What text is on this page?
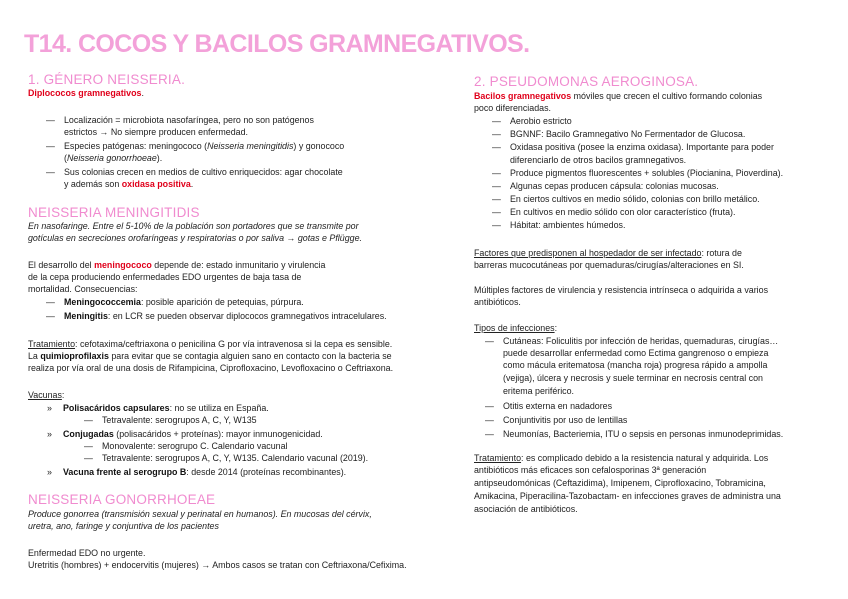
T14. COCOS Y BACILOS GRAMNEGATIVOS.
1. GÉNERO NEISSERIA.
Diplococos gramnegativos.
— Localización = microbiota nasofaríngea, pero no son patógenos
estrictos → No siempre producen enfermedad.
— Especies patógenas: meningococo (Neisseria meningitidis) y gonococo
(Neisseria gonorrhoeae).
— Sus colonias crecen en medios de cultivo enriquecidos: agar chocolate
y además son oxidasa positiva.
NEISSERIA MENINGITIDIS
En nasofaringe. Entre el 5-10% de la población son portadores que se transmite por
gotículas en secreciones orofaríngeas y respiratorias o por saliva → gotas e Pflügge.
El desarrollo del meningococo depende de: estado inmunitario y virulencia
de la cepa produciendo enfermedades EDO urgentes de baja tasa de
mortalidad. Consecuencias:
— Meningococcemia: posible aparición de petequias, púrpura.
— Meningitis: en LCR se pueden observar diplococos gramnegativos intracelulares.
Tratamiento: cefotaxima/ceftriaxona o penicilina G por vía intravenosa si la cepa es sensible.
La quimioprofilaxis para evitar que se contagia alguien sano en contacto con la bacteria se
realiza por vía oral de una dosis de Rifampicina, Ciprofloxacino, Levofloxacino o Ceftriaxona.
Vacunas:
» Polisacáridos capsulares: no se utiliza en España.
— Tetravalente: serogrupos A, C, Y, W135
» Conjugadas (polisacáridos + proteínas): mayor inmunogenicidad.
— Monovalente: serogrupo C. Calendario vacunal
— Tetravalente: serogrupos A, C, Y, W135. Calendario vacunal (2019).
» Vacuna frente al serogrupo B: desde 2014 (proteínas recombinantes).
NEISSERIA GONORRHOEAE
Produce gonorrea (transmisión sexual y perinatal en humanos). En mucosas del cérvix,
uretra, ano, faringe y conjuntiva de los pacientes
Enfermedad EDO no urgente.
Uretritis (hombres) + endocervitis (mujeres) → Ambos casos se tratan con Ceftriaxona/Cefixima.
2. PSEUDOMONAS AEROGINOSA.
Bacilos gramnegativos móviles que crecen el cultivo formando colonias
poco diferenciadas.
— Aerobio estricto
— BGNNF: Bacilo Gramnegativo No Fermentador de Glucosa.
— Oxidasa positiva (posee la enzima oxidasa). Importante para poder
diferenciarlo de otros bacilos gramnegativos.
— Produce pigmentos fluorescentes + solubles (Piocianina, Pioverdina).
— Algunas cepas producen cápsula: colonias mucosas.
— En ciertos cultivos en medio sólido, colonias con brillo metálico.
— En cultivos en medio sólido con olor característico (fruta).
— Hábitat: ambientes húmedos.
Factores que predisponen al hospedador de ser infectado: rotura de
barreras mucocutáneas por quemaduras/cirugías/alteraciones en SI.
Múltiples factores de virulencia y resistencia intrínseca o adquirida a varios
antibióticos.
Tipos de infecciones:
— Cutáneas: Foliculitis por infección de heridas, quemaduras, cirugías…
puede desarrollar enfermedad como Ectima gangrenoso o empieza
como mácula eritematosa (mancha roja) progresa rápido a ampolla
(vejiga), úlcera y necrosis y suele terminar en necrosis central con
eritema periférico.
— Otitis externa en nadadores
— Conjuntivitis por uso de lentillas
— Neumonías, Bacteriemia, ITU o sepsis en personas inmunodeprimidas.
Tratamiento: es complicado debido a la resistencia natural y adquirida. Los
antibióticos más eficaces son cefalosporinas 3ª generación
antipseudomónicas (Ceftazidima), Imipenem, Ciprofloxacino, Tobramicina,
Amikacina, Piperacilina-Tazobactam- en infecciones graves de administra una
asociación de antibióticos.
